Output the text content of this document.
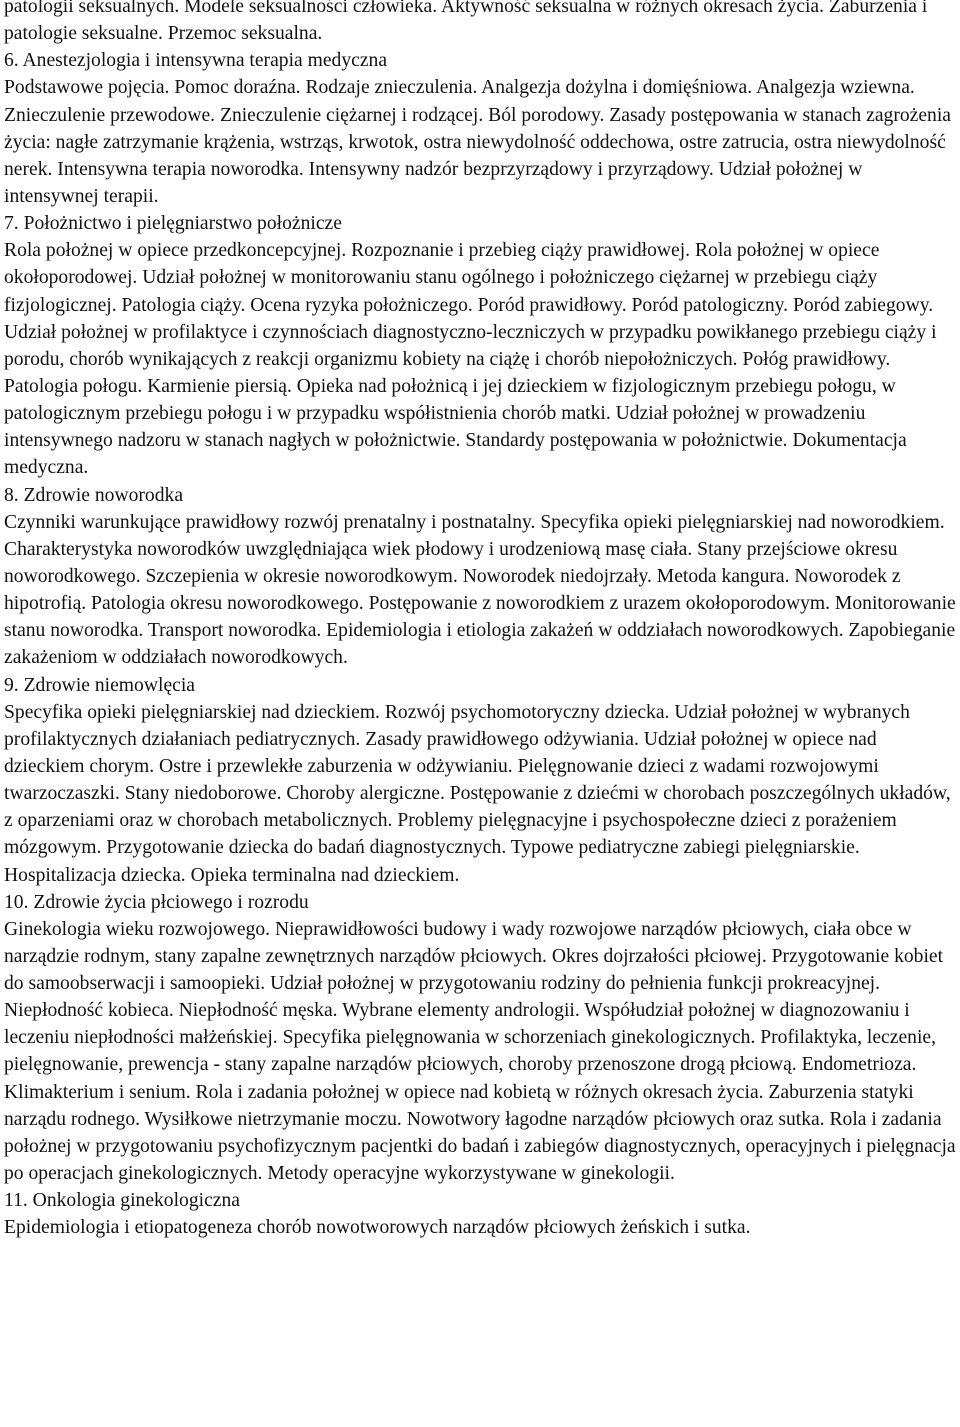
patologii seksualnych. Modele seksualności człowieka. Aktywność seksualna w różnych okresach życia. Zaburzenia i patologie seksualne. Przemoc seksualna.

6. Anestezjologia i intensywna terapia medyczna

Podstawowe pojęcia. Pomoc doraźna. Rodzaje znieczulenia. Analgezja dożylna i domięśniowa. Analgezja wziewna. Znieczulenie przewodowe. Znieczulenie ciężarnej i rodzącej. Ból porodowy. Zasady postępowania w stanach zagrożenia życia: nagłe zatrzymanie krążenia, wstrząs, krwotok, ostra niewydolność oddechowa, ostre zatrucia, ostra niewydolność nerek. Intensywna terapia noworodka. Intensywny nadzór bezprzyrządowy i przyrządowy. Udział położnej w intensywnej terapii.

7. Położnictwo i pielęgniarstwo położnicze

Rola położnej w opiece przedkoncepcyjnej. Rozpoznanie i przebieg ciąży prawidłowej. Rola położnej w opiece okołoporodowej. Udział położnej w monitorowaniu stanu ogólnego i położniczego ciężarnej w przebiegu ciąży fizjologicznej. Patologia ciąży. Ocena ryzyka położniczego. Poród prawidłowy. Poród patologiczny. Poród zabiegowy. Udział położnej w profilaktyce i czynnościach diagnostyczno-leczniczych w przypadku powikłanego przebiegu ciąży i porodu, chorób wynikających z reakcji organizmu kobiety na ciążę i chorób niepołożniczych. Połóg prawidłowy. Patologia połogu. Karmienie piersią. Opieka nad położnicą i jej dzieckiem w fizjologicznym przebiegu połogu, w patologicznym przebiegu połogu i w przypadku współistnienia chorób matki. Udział położnej w prowadzeniu intensywnego nadzoru w stanach nagłych w położnictwie. Standardy postępowania w położnictwie. Dokumentacja medyczna.

8. Zdrowie noworodka

Czynniki warunkujące prawidłowy rozwój prenatalny i postnatalny. Specyfika opieki pielęgniarskiej nad noworodkiem. Charakterystyka noworodków uwzględniająca wiek płodowy i urodzeniową masę ciała. Stany przejściowe okresu noworodkowego. Szczepienia w okresie noworodkowym. Noworodek niedojrzały. Metoda kangura. Noworodek z hipotrofią. Patologia okresu noworodkowego. Postępowanie z noworodkiem z urazem okołoporodowym. Monitorowanie stanu noworodka. Transport noworodka. Epidemiologia i etiologia zakażeń w oddziałach noworodkowych. Zapobieganie zakażeniom w oddziałach noworodkowych.

9. Zdrowie niemowlęcia

Specyfika opieki pielęgniarskiej nad dzieckiem. Rozwój psychomotoryczny dziecka. Udział położnej w wybranych profilaktycznych działaniach pediatrycznych. Zasady prawidłowego odżywiania. Udział położnej w opiece nad dzieckiem chorym. Ostre i przewlekłe zaburzenia w odżywianiu. Pielęgnowanie dzieci z wadami rozwojowymi twarzoczaszki. Stany niedoborowe. Choroby alergiczne. Postępowanie z dziećmi w chorobach poszczególnych układów, z oparzeniami oraz w chorobach metabolicznych. Problemy pielęgnacyjne i psychospołeczne dzieci z porażeniem mózgowym. Przygotowanie dziecka do badań diagnostycznych. Typowe pediatryczne zabiegi pielęgniarskie. Hospitalizacja dziecka. Opieka terminalna nad dzieckiem.

10. Zdrowie życia płciowego i rozrodu

Ginekologia wieku rozwojowego. Nieprawidłowości budowy i wady rozwojowe narządów płciowych, ciała obce w narządzie rodnym, stany zapalne zewnętrznych narządów płciowych. Okres dojrzałości płciowej. Przygotowanie kobiet do samoobserwacji i samoopieki. Udział położnej w przygotowaniu rodziny do pełnienia funkcji prokreacyjnej. Niepłodność kobieca. Niepłodność męska. Wybrane elementy andrologii. Współudział położnej w diagnozowaniu i leczeniu niepłodności małżeńskiej. Specyfika pielęgnowania w schorzeniach ginekologicznych. Profilaktyka, leczenie, pielęgnowanie, prewencja - stany zapalne narządów płciowych, choroby przenoszone drogą płciową. Endometrioza. Klimakterium i senium. Rola i zadania położnej w opiece nad kobietą w różnych okresach życia. Zaburzenia statyki narządu rodnego. Wysiłkowe nietrzymanie moczu. Nowotwory łagodne narządów płciowych oraz sutka. Rola i zadania położnej w przygotowaniu psychofizycznym pacjentki do badań i zabiegów diagnostycznych, operacyjnych i pielęgnacja po operacjach ginekologicznych. Metody operacyjne wykorzystywane w ginekologii.

11. Onkologia ginekologiczna

Epidemiologia i etiopatogeneza chorób nowotworowych narządów płciowych żeńskich i sutka.
